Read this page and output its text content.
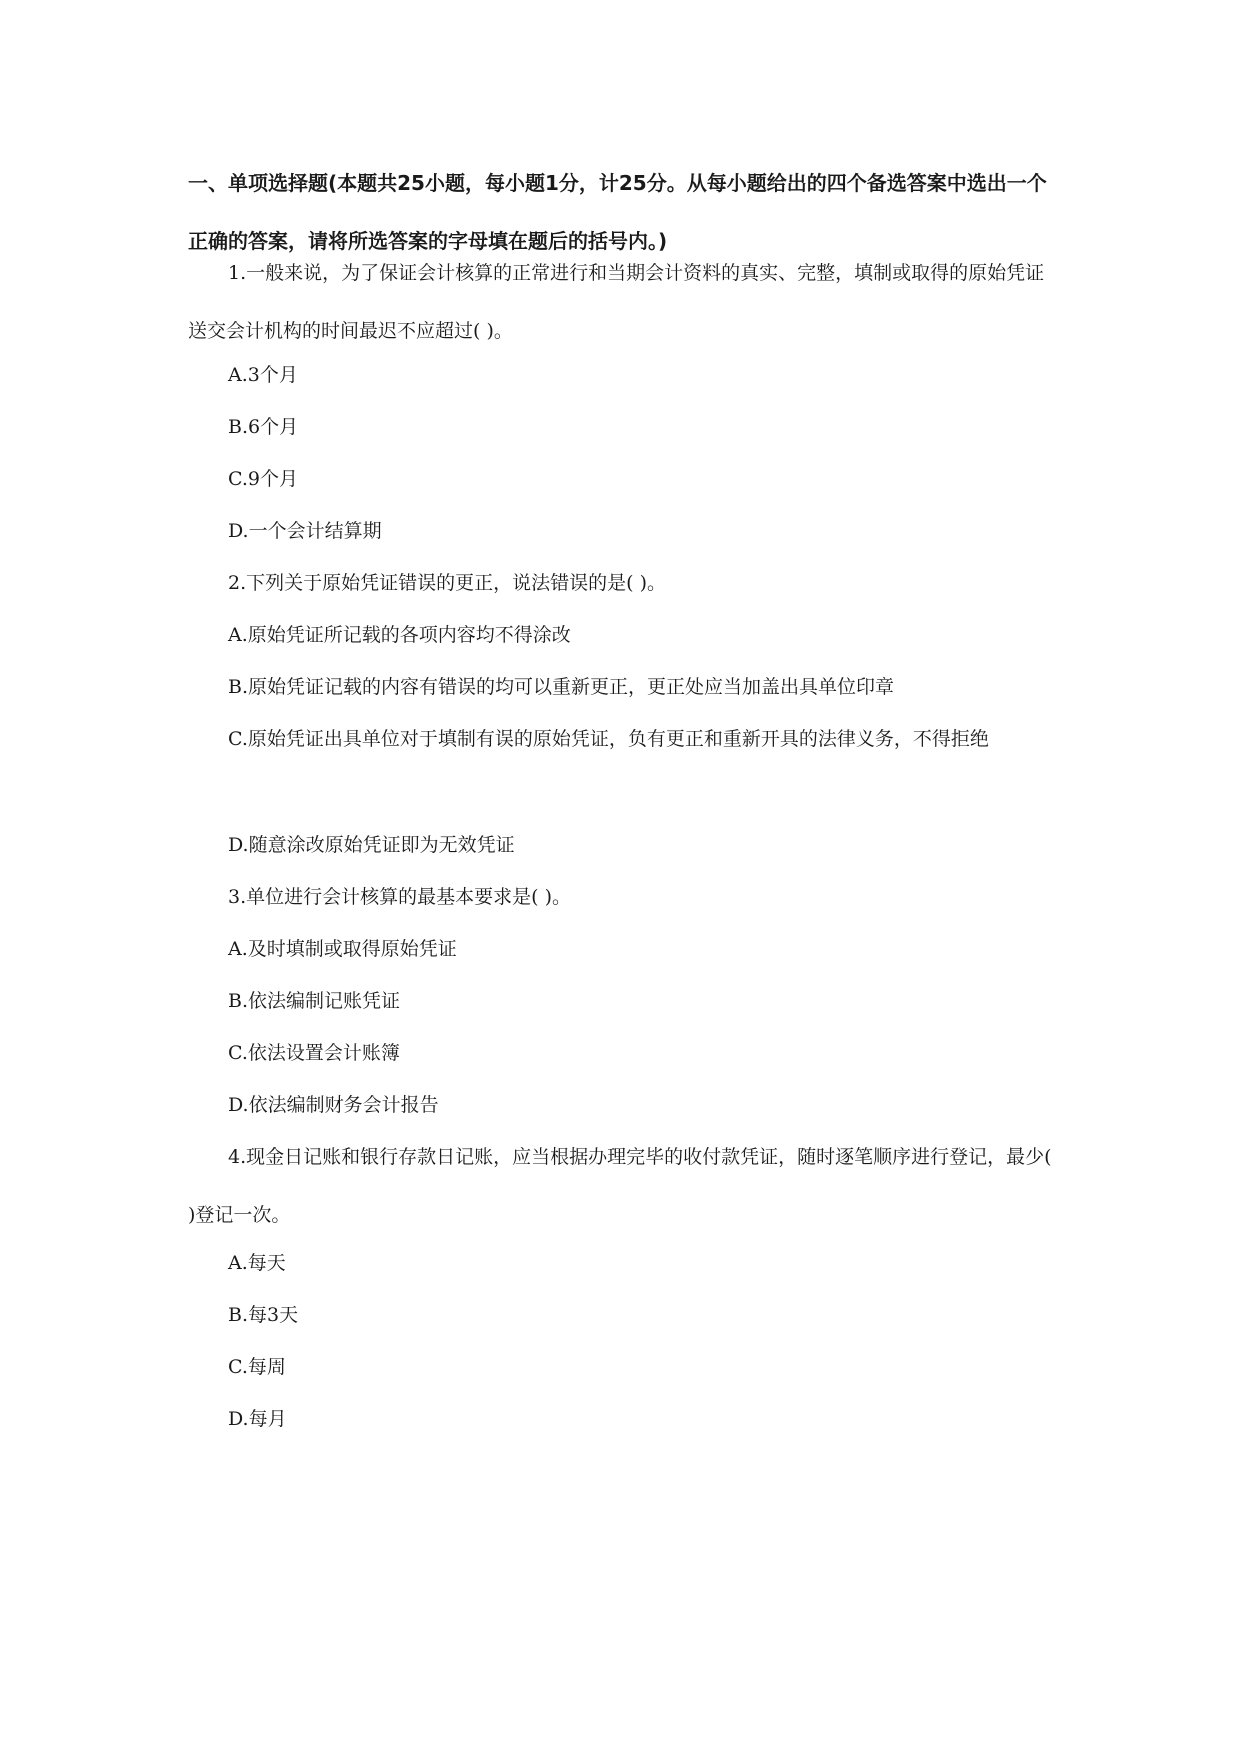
一、单项选择题(本题共25小题，每小题1分，计25分。从每小题给出的四个备选答案中选出一个正确的答案，请将所选答案的字母填在题后的括号内。)

1.一般来说，为了保证会计核算的正常进行和当期会计资料的真实、完整，填制或取得的原始凭证送交会计机构的时间最迟不应超过( )。

A.3个月

B.6个月

C.9个月

D.一个会计结算期

2.下列关于原始凭证错误的更正，说法错误的是( )。

A.原始凭证所记载的各项内容均不得涂改

B.原始凭证记载的内容有错误的均可以重新更正，更正处应当加盖出具单位印章

C.原始凭证出具单位对于填制有误的原始凭证，负有更正和重新开具的法律义务，不得拒绝

D.随意涂改原始凭证即为无效凭证

3.单位进行会计核算的最基本要求是( )。

A.及时填制或取得原始凭证

B.依法编制记账凭证

C.依法设置会计账簿

D.依法编制财务会计报告

4.现金日记账和银行存款日记账，应当根据办理完毕的收付款凭证，随时逐笔顺序进行登记，最少( )登记一次。

A.每天

B.每3天

C.每周

D.每月
